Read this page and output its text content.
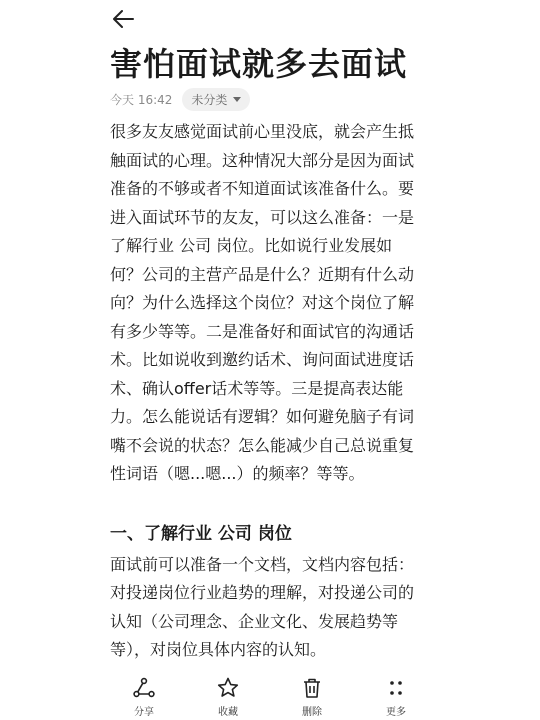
害怕面试就多去面试
今天 16:42 未分类

很多友友感觉面试前心里没底，就会产生抵
触面试的心理。这种情况大部分是因为面试
准备的不够或者不知道面试该准备什么。要
进入面试环节的友友，可以这么准备：一是
了解行业 公司 岗位。比如说行业发展如
何？公司的主营产品是什么？近期有什么动
向？为什么选择这个岗位？对这个岗位了解
有多少等等。二是准备好和面试官的沟通话
术。比如说收到邀约话术、询问面试进度话
术、确认offer话术等等。三是提高表达能
力。怎么能说话有逻辑？如何避免脑子有词
嘴不会说的状态？怎么能减少自己总说重复
性词语（嗯...嗯...）的频率？等等。

一、了解行业 公司 岗位

面试前可以准备一个文档，文档内容包括：
对投递岗位行业趋势的理解，对投递公司的
认知（公司理念、企业文化、发展趋势等
等），对岗位具体内容的认知。

分享	收藏	删除	更多
